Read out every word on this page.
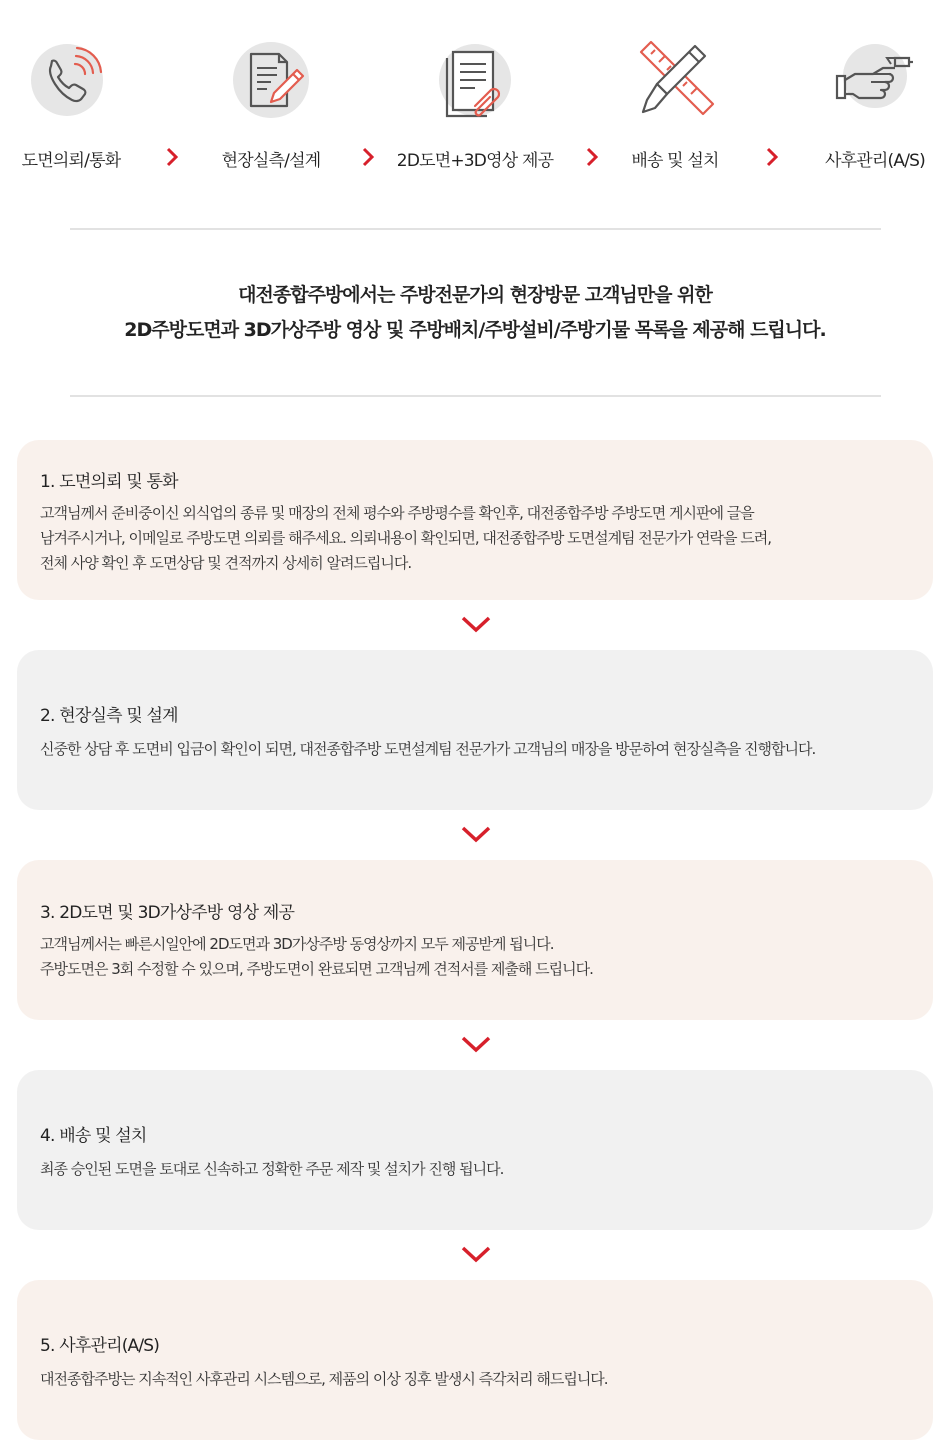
도면의뢰/통화	현장실측/설계	2D도면+3D영상 제공	배송 및 설치	사후관리(A/S)
대전종합주방에서는 주방전문가의 현장방문 고객님만을 위한
2D주방도면과 3D가상주방 영상 및 주방배치/주방설비/주방기물 목록을 제공해 드립니다.
1. 도면의뢰 및 통화
고객님께서 준비중이신 외식업의 종류 및 매장의 전체 평수와 주방평수를 확인후, 대전종합주방 주방도면 게시판에 글을
남겨주시거나, 이메일로 주방도면 의뢰를 해주세요. 의뢰내용이 확인되면, 대전종합주방 도면설계팀 전문가가 연락을 드려,
전체 사양 확인 후 도면상담 및 견적까지 상세히 알려드립니다.
2. 현장실측 및 설계
신중한 상담 후 도면비 입금이 확인이 되면, 대전종합주방 도면설계팀 전문가가 고객님의 매장을 방문하여 현장실측을 진행합니다.
3. 2D도면 및 3D가상주방 영상 제공
고객님께서는 빠른시일안에 2D도면과 3D가상주방 동영상까지 모두 제공받게 됩니다.
주방도면은 3회 수정할 수 있으며, 주방도면이 완료되면 고객님께 견적서를 제출해 드립니다.
4. 배송 및 설치
최종 승인된 도면을 토대로 신속하고 정확한 주문 제작 및 설치가 진행 됩니다.
5. 사후관리(A/S)
대전종합주방는 지속적인 사후관리 시스템으로, 제품의 이상 징후 발생시 즉각처리 해드립니다.
